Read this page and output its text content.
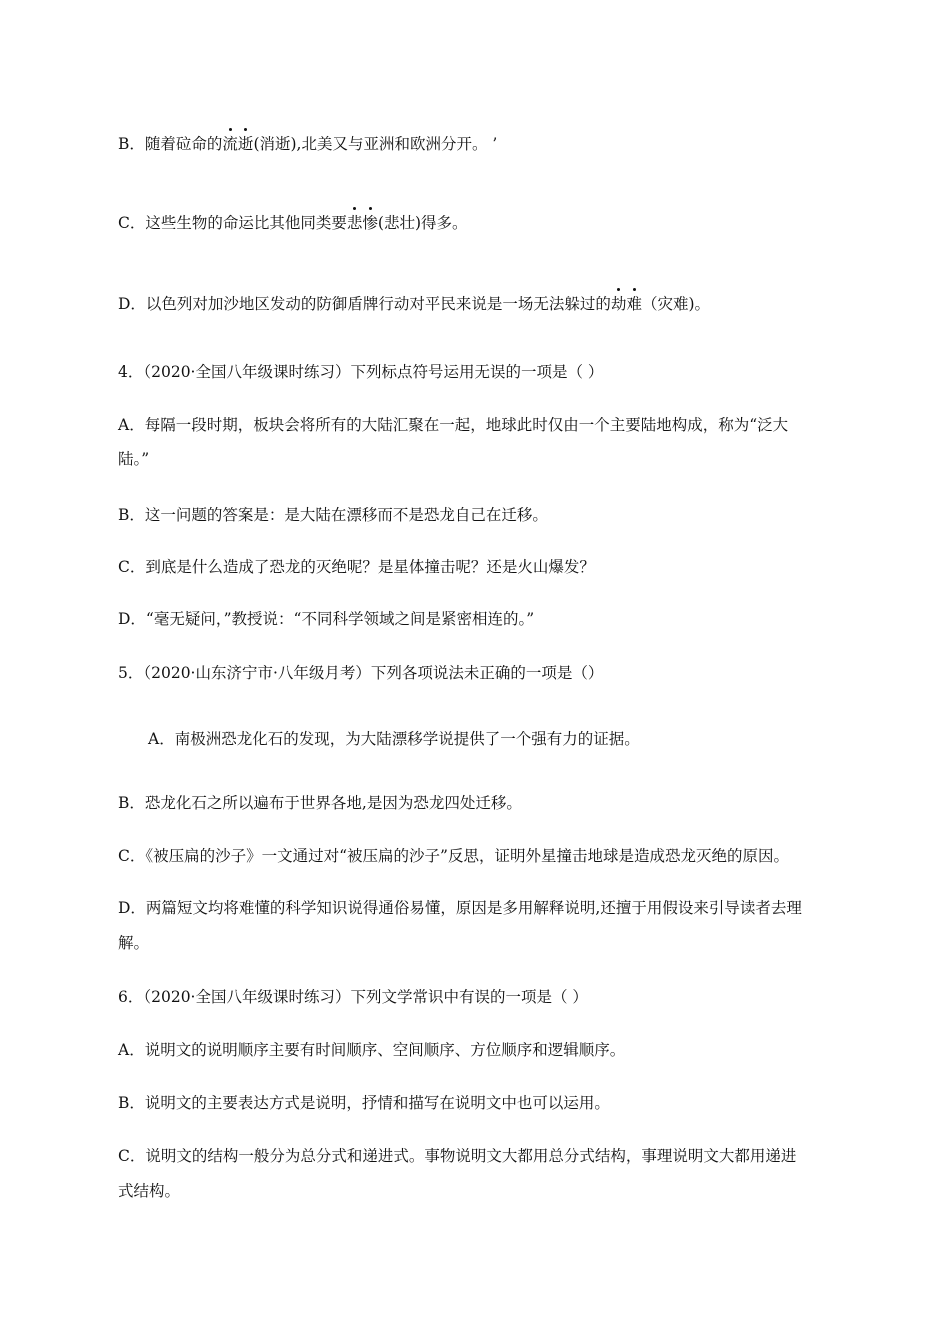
B．随着砬命的流逝(消逝),北美又与亚洲和欧洲分开。 ’
C．这些生物的命运比其他同类要悲惨(悲壮)得多。
D．以色列对加沙地区发动的防御盾牌行动对平民来说是一场无法躲过的劫难（灾难)。
4．（2020·全国八年级课时练习）下列标点符号运用无误的一项是（ ）
A．每隔一段时期，板块会将所有的大陆汇聚在一起，地球此时仅由一个主要陆地构成，称为“泛大
陆。”
B．这一问题的答案是：是大陆在漂移而不是恐龙自己在迁移。
C．到底是什么造成了恐龙的灭绝呢？是星体撞击呢？还是火山爆发？
D．“毫无疑问，”教授说：“不同科学领域之间是紧密相连的。”
5．（2020·山东济宁市·八年级月考）下列各项说法未正确的一项是（）
A．南极洲恐龙化石的发现，为大陆漂移学说提供了一个强有力的证据。
B．恐龙化石之所以遍布于世界各地,是因为恐龙四处迁移。
C．《被压扁的沙子》一文通过对“被压扁的沙子”反思，证明外星撞击地球是造成恐龙灭绝的原因。
D．两篇短文均将难懂的科学知识说得通俗易懂，原因是多用解释说明,还擅于用假设来引导读者去理
解。
6．（2020·全国八年级课时练习）下列文学常识中有误的一项是（ ）
A．说明文的说明顺序主要有时间顺序、空间顺序、方位顺序和逻辑顺序。
B．说明文的主要表达方式是说明，抒情和描写在说明文中也可以运用。
C．说明文的结构一般分为总分式和递进式。事物说明文大都用总分式结构，事理说明文大都用递进
式结构。
